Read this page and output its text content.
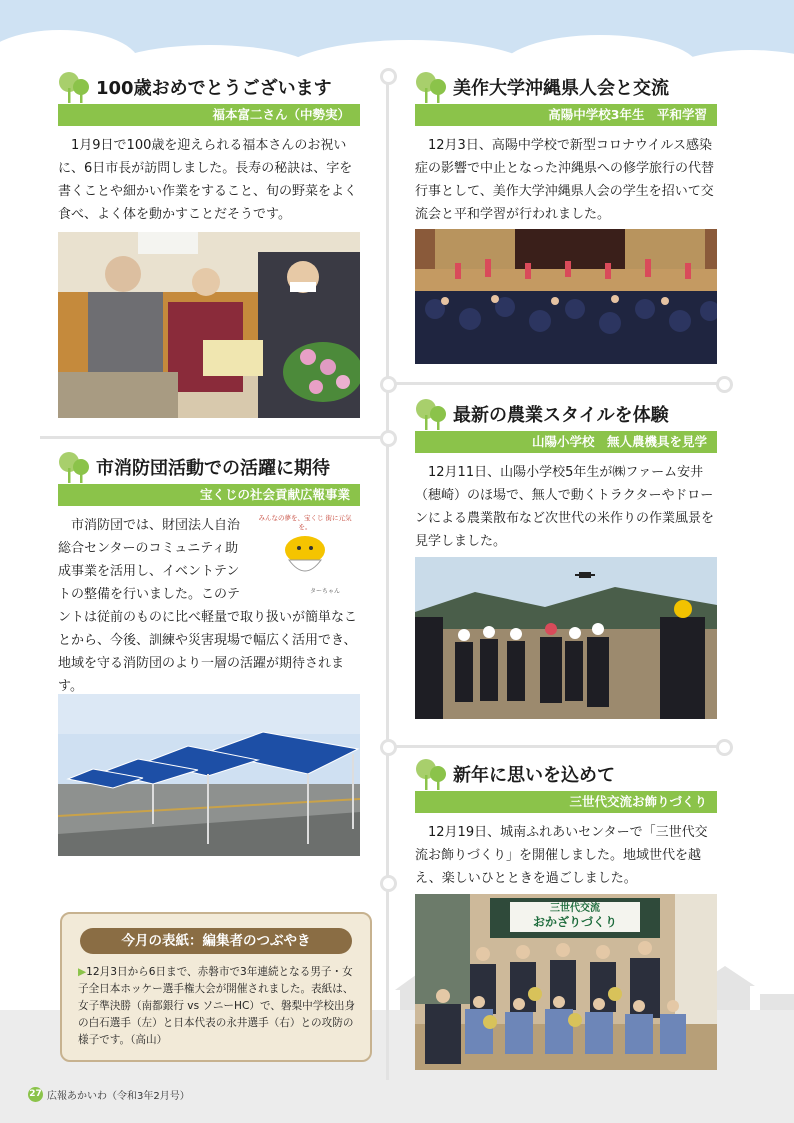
100歳おめでとうございます
福本富二さん（中勢実）
1月9日で100歳を迎えられる福本さんのお祝いに、6日市長が訪問しました。長寿の秘訣は、字を書くことや細かい作業をすること、旬の野菜をよく食べ、よく体を動かすことだそうです。
市消防団活動での活躍に期待
宝くじの社会貢献広報事業
みんなの夢を、宝くじ 街に元気を。
ターちゃん
市消防団では、財団法人自治総合センターのコミュニティ助成事業を活用し、イベントテントの整備を行いました。このテントは従前のものに比べ軽量で取り扱いが簡単なことから、今後、訓練や災害現場で幅広く活用でき、地域を守る消防団のより一層の活躍が期待されます。
美作大学沖縄県人会と交流
高陽中学校3年生　平和学習
12月3日、高陽中学校で新型コロナウイルス感染症の影響で中止となった沖縄県への修学旅行の代替行事として、美作大学沖縄県人会の学生を招いて交流会と平和学習が行われました。
最新の農業スタイルを体験
山陽小学校　無人農機具を見学
12月11日、山陽小学校5年生が㈱ファーム安井（穂崎）のほ場で、無人で動くトラクターやドローンによる農業散布など次世代の米作りの作業風景を見学しました。
新年に思いを込めて
三世代交流お飾りづくり
12月19日、城南ふれあいセンターで「三世代交流お飾りづくり」を開催しました。地域世代を越え、楽しいひとときを過ごしました。
三世代交流
おかざりづくり
今月の表紙：編集者のつぶやき
▶12月3日から6日まで、赤磐市で3年連続となる男子・女子全日本ホッケー選手権大会が開催されました。表紙は、女子準決勝（南都銀行 vs ソニーHC）で、磐梨中学校出身の白石選手（左）と日本代表の永井選手（右）との攻防の様子です。（高山）
27 広報あかいわ（令和3年2月号）
